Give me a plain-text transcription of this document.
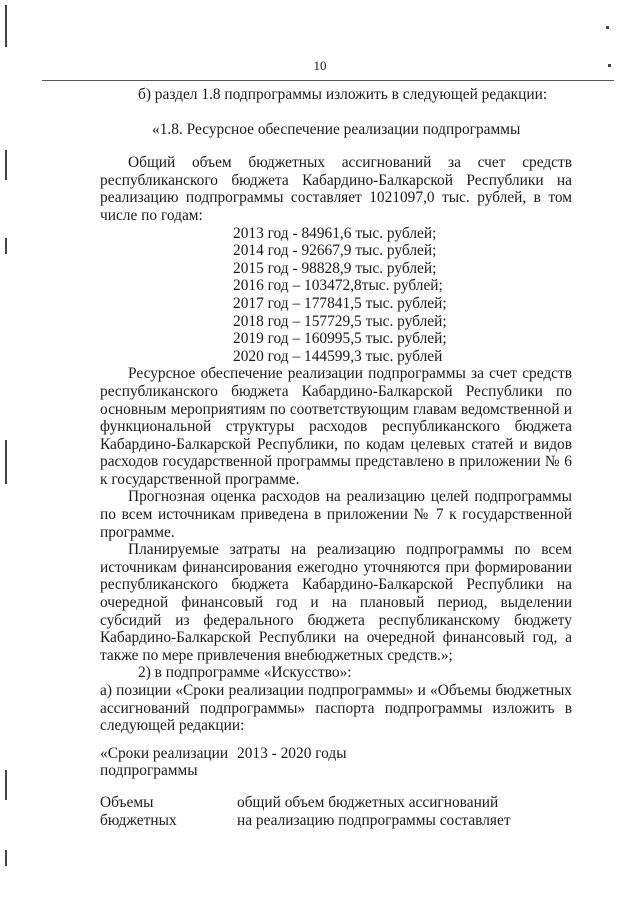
10
б) раздел 1.8 подпрограммы изложить в следующей редакции:
«1.8. Ресурсное обеспечение реализации подпрограммы
Общий объем бюджетных ассигнований за счет средств республиканского бюджета Кабардино-Балкарской Республики на реализацию подпрограммы составляет 1021097,0 тыс. рублей, в том числе по годам:
2013 год - 84961,6 тыс. рублей;
2014 год - 92667,9 тыс. рублей;
2015 год - 98828,9 тыс. рублей;
2016 год – 103472,8тыс. рублей;
2017 год – 177841,5 тыс. рублей;
2018 год – 157729,5 тыс. рублей;
2019 год – 160995,5 тыс. рублей;
2020 год – 144599,3 тыс. рублей
Ресурсное обеспечение реализации подпрограммы за счет средств республиканского бюджета Кабардино-Балкарской Республики по основным мероприятиям по соответствующим главам ведомственной и функциональной структуры расходов республиканского бюджета Кабардино-Балкарской Республики, по кодам целевых статей и видов расходов государственной программы представлено в приложении № 6 к государственной программе.
Прогнозная оценка расходов на реализацию целей подпрограммы по всем источникам приведена в приложении № 7 к государственной программе.
Планируемые затраты на реализацию подпрограммы по всем источникам финансирования ежегодно уточняются при формировании республиканского бюджета Кабардино-Балкарской Республики на очередной финансовый год и на плановый период, выделении субсидий из федерального бюджета республиканскому бюджету Кабардино-Балкарской Республики на очередной финансовый год, а также по мере привлечения внебюджетных средств.»;
2) в подпрограмме «Искусство»:
а) позиции «Сроки реализации подпрограммы» и «Объемы бюджетных ассигнований подпрограммы» паспорта подпрограммы изложить в следующей редакции:
«Сроки реализации
подпрограммы
2013 - 2020 годы
Объемы
бюджетных
общий объем бюджетных ассигнований
на реализацию подпрограммы составляет
